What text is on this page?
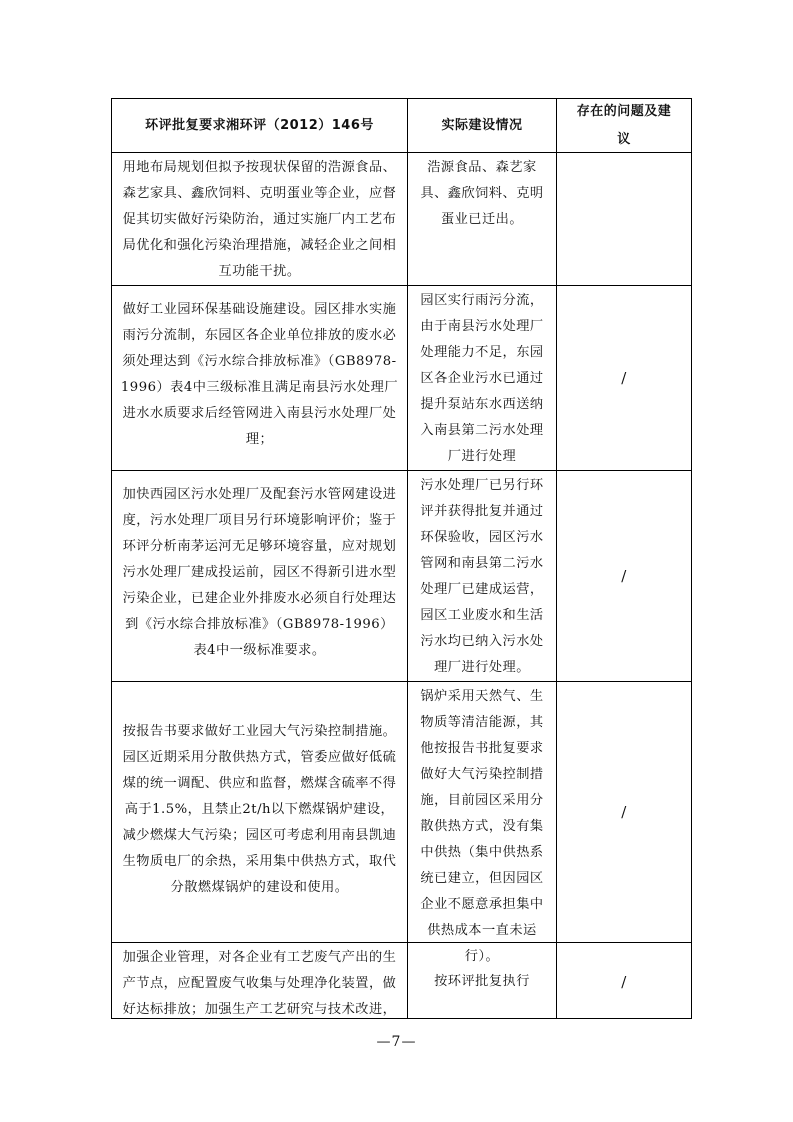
环评批复要求湘环评（2012）146号	实际建设情况
存在的问题及建议
用地布局规划但拟予按现状保留的浩源食品、森艺家具、鑫欣饲料、克明蛋业等企业，应督促其切实做好污染防治，通过实施厂内工艺布局优化和强化污染治理措施，减轻企业之间相互功能干扰。
浩源食品、森艺家具、鑫欣饲料、克明蛋业已迁出。
做好工业园环保基础设施建设。园区排水实施雨污分流制，东园区各企业单位排放的废水必须处理达到《污水综合排放标准》（GB8978-1996）表4中三级标准且满足南县污水处理厂进水水质要求后经管网进入南县污水处理厂处理；
园区实行雨污分流，由于南县污水处理厂处理能力不足，东园区各企业污水已通过提升泵站东水西送纳入南县第二污水处理厂进行处理
/
加快西园区污水处理厂及配套污水管网建设进度，污水处理厂项目另行环境影响评价；鉴于环评分析南茅运河无足够环境容量，应对规划污水处理厂建成投运前，园区不得新引进水型污染企业，已建企业外排废水必须自行处理达到《污水综合排放标准》（GB8978-1996）表4中一级标准要求。
污水处理厂已另行环评并获得批复并通过环保验收，园区污水管网和南县第二污水处理厂已建成运营，园区工业废水和生活污水均已纳入污水处理厂进行处理。
/
按报告书要求做好工业园大气污染控制措施。园区近期采用分散供热方式，管委应做好低硫煤的统一调配、供应和监督，燃煤含硫率不得高于1.5%，且禁止2t/h以下燃煤锅炉建设，减少燃煤大气污染；园区可考虑利用南县凯迪生物质电厂的余热，采用集中供热方式，取代分散燃煤锅炉的建设和使用。
锅炉采用天然气、生物质等清洁能源，其他按报告书批复要求做好大气污染控制措施，目前园区采用分散供热方式，没有集中供热（集中供热系统已建立，但因园区企业不愿意承担集中供热成本一直未运行）。
/
加强企业管理，对各企业有工艺废气产出的生产节点，应配置废气收集与处理净化装置，做好达标排放；加强生产工艺研究与技术改进，
按环评批复执行	/
—7—
